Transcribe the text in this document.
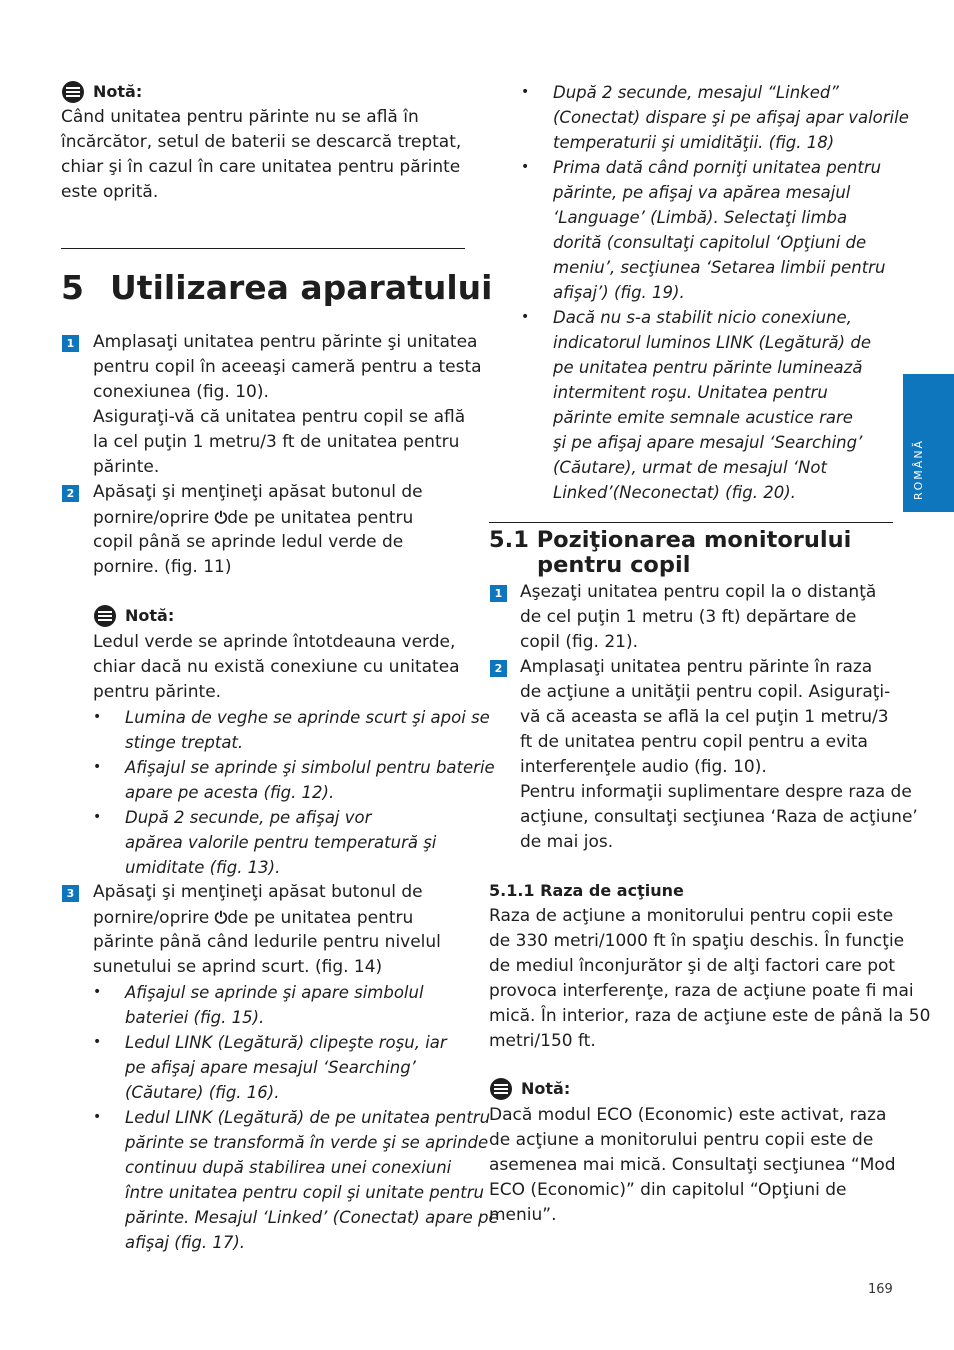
Notă:
Când unitatea pentru părinte nu se află în
încărcător, setul de baterii se descarcă treptat,
chiar şi în cazul în care unitatea pentru părinte
este oprită.
5 Utilizarea aparatului
1 Amplasaţi unitatea pentru părinte şi unitatea
pentru copil în aceeaşi cameră pentru a testa
conexiunea (fig. 10).
Asiguraţi-vă că unitatea pentru copil se află
la cel puţin 1 metru/3 ft de unitatea pentru
părinte.
2 Apăsaţi şi menţineţi apăsat butonul de
pornire/oprire ⏻de pe unitatea pentru
copil până se aprinde ledul verde de
pornire. (fig. 11)
Notă:
Ledul verde se aprinde întotdeauna verde,
chiar dacă nu există conexiune cu unitatea
pentru părinte.
• Lumina de veghe se aprinde scurt şi apoi se
stinge treptat.
• Afişajul se aprinde şi simbolul pentru baterie
apare pe acesta (fig. 12).
• După 2 secunde, pe afişaj vor
apărea valorile pentru temperatură şi
umiditate (fig. 13).
3 Apăsaţi şi menţineţi apăsat butonul de
pornire/oprire ⏻de pe unitatea pentru
părinte până când ledurile pentru nivelul
sunetului se aprind scurt. (fig. 14)
• Afişajul se aprinde şi apare simbolul
bateriei (fig. 15).
• Ledul LINK (Legătură) clipeşte roşu, iar
pe afişaj apare mesajul ‘Searching’
(Căutare) (fig. 16).
• Ledul LINK (Legătură) de pe unitatea pentru
părinte se transformă în verde şi se aprinde
continuu după stabilirea unei conexiuni
între unitatea pentru copil şi unitate pentru
părinte. Mesajul ‘Linked’ (Conectat) apare pe
afişaj (fig. 17).
• După 2 secunde, mesajul “Linked”
(Conectat) dispare şi pe afişaj apar valorile
temperaturii şi umidităţii. (fig. 18)
• Prima dată când porniţi unitatea pentru
părinte, pe afişaj va apărea mesajul
‘Language’ (Limbă). Selectaţi limba
dorită (consultaţi capitolul ‘Opţiuni de
meniu’, secţiunea ‘Setarea limbii pentru
afişaj’) (fig. 19).
• Dacă nu s-a stabilit nicio conexiune,
indicatorul luminos LINK (Legătură) de
pe unitatea pentru părinte luminează
intermitent roşu. Unitatea pentru
părinte emite semnale acustice rare
şi pe afişaj apare mesajul ‘Searching’
(Căutare), urmat de mesajul ‘Not
Linked’(Neconectat) (fig. 20).
5.1 Poziţionarea monitorului
pentru copil
1 Aşezaţi unitatea pentru copil la o distanţă
de cel puţin 1 metru (3 ft) depărtare de
copil (fig. 21).
2 Amplasaţi unitatea pentru părinte în raza
de acţiune a unităţii pentru copil. Asiguraţi-
vă că aceasta se află la cel puţin 1 metru/3
ft de unitatea pentru copil pentru a evita
interferenţele audio (fig. 10).
Pentru informaţii suplimentare despre raza de
acţiune, consultaţi secţiunea ‘Raza de acţiune’
de mai jos.
5.1.1 Raza de acţiune
Raza de acţiune a monitorului pentru copii este
de 330 metri/1000 ft în spaţiu deschis. În funcţie
de mediul înconjurător şi de alţi factori care pot
provoca interferenţe, raza de acţiune poate fi mai
mică. În interior, raza de acţiune este de până la 50
metri/150 ft.
Notă:
Dacă modul ECO (Economic) este activat, raza
de acţiune a monitorului pentru copii este de
asemenea mai mică. Consultaţi secţiunea “Mod
ECO (Economic)” din capitolul “Opţiuni de
meniu”.
ROMÂNĂ
169
